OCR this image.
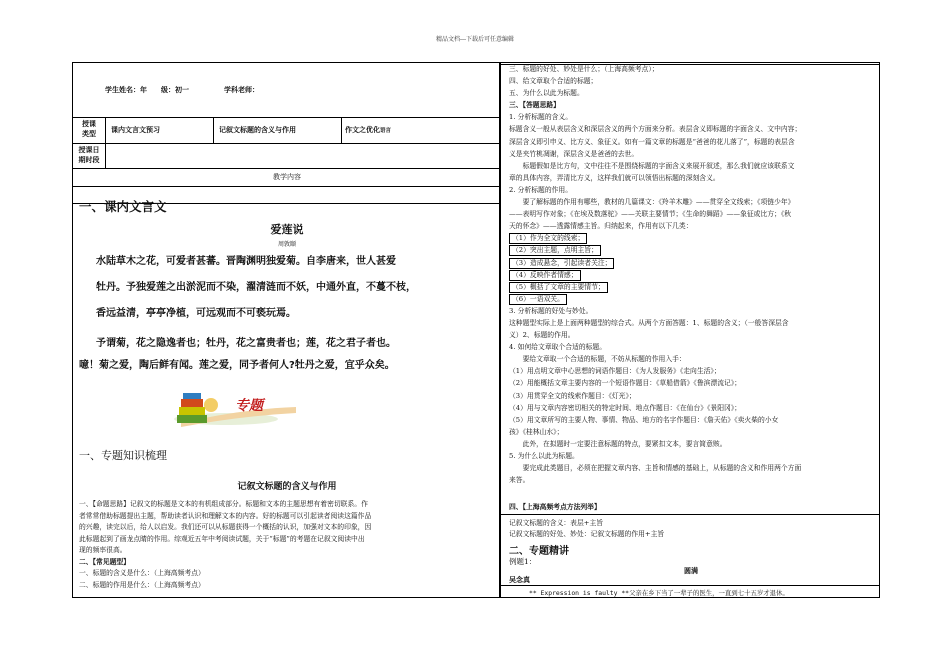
精品文档---下载后可任意编辑
学生姓名：年　　级：初一　　　　　学科老师：
授课
类型	课内文言文预习	记叙文标题的含义与作用	作文之优化语言
授课日
期时段
教学内容
一、课内文言文
爱莲说
周敦颐
水陆草木之花，可爱者甚蕃。晋陶渊明独爱菊。自李唐来，世人甚爱
牡丹。予独爱莲之出淤泥而不染，濯清涟而不妖，中通外直，不蔓不枝，
香远益清，亭亭净植，可远观而不可亵玩焉。
予谓菊，花之隐逸者也；牡丹，花之富贵者也；莲，花之君子者也。
噫！菊之爱，陶后鲜有闻。莲之爱，同予者何人?牡丹之爱，宜乎众矣。
专题
一、专题知识梳理
记叙文标题的含义与作用
一、【命题思路】记叙文的标题是文本的有机组成部分。标题和文本的主题思想有着密切联系。作
者常常借助标题提出主题，帮助读者认识和理解文本的内容。好的标题可以引起读者阅读这篇作品
的兴趣，读完以后，给人以启发。我们还可以从标题获得一个概括的认识，加强对文本的印象，因
此标题起到了画龙点睛的作用。综观近五年中考阅读试题，关于“标题”的考题在记叙文阅读中出
现的频率很高。
二、【常见题型】
一、标题的含义是什么：（上海高频考点）
二、标题的作用是什么：（上海高频考点）

三、标题的好处、妙处是什么；（上海高频考点）；

四、给文章取个合适的标题；

五、为什么以此为标题。

三、【答题思路】

1. 分析标题的含义。

标题含义一般从表层含义和深层含义的两个方面来分析。表层含义即标题的字面含义、文中内容；

深层含义即引申义、比方义、象征义。如有一篇文章的标题是“爸爸的花儿落了”，标题的表层含

义是夹竹桃凋谢，深层含义是爸爸的去世。

　　标题假如是比方句，文中往往不是围绕标题的字面含义来展开叙述，那么我们就应该联系文

章的具体内容，弄清比方义，这样我们就可以领悟出标题的深刻含义。

2. 分析标题的作用。

　　要了解标题的作用有哪些，教材的几篇课文：《羚羊木雕》——贯穿全文线索；《项链少年》

——表明写作对象；《在埃及数落驼》——关联主要情节；《生命的舞蹈》——象征或比方；《秋

天的怀念》——透露情感主旨。归纳起来，作用有以下几类：

（1）作为全文的线索；

（2）突出主题，点明主旨；

（3）造成悬念，引起读者关注；

（4）反映作者情感；

（5）概括了文章的主要情节；

（6）一语双关。

3. 分析标题的好处与妙处。

这种题型实际上是上面两种题型的综合式。从两个方面答题：1、标题的含义；（一般答深层含

义）2、标题的作用。

4. 如何给文章取个合适的标题。

　　要给文章取一个合适的标题，不妨从标题的作用入手：

（1）用点明文章中心思想的词语作题目：《为人发服务》《走向生活》；

（2）用能概括文章主要内容的一个短语作题目：《草船借箭》《鲁滨漂流记》；

（3）用贯穿全文的线索作题目：《灯光》；

（4）用与文章内容密切相关的特定时间、地点作题目：《在仙台》《景阳冈》；

（5）用文章所写的主要人物、事情、物品、地方的名字作题目：《詹天佑》《卖火柴的小女

孩》《桂林山水》；

　　此外，在拟题时一定要注意标题的特点，要紧扣文本，要言简意赅。

5. 为什么以此为标题。

　　要完成此类题目，必须在把握文章内容、主旨和情感的基础上，从标题的含义和作用两个方面

来答。

四、【上海高频考点方法列举】
记叙文标题的含义：表层+主旨
记叙文标题的好处、妙处：记叙文标题的作用+主旨
二、专题精讲
例题1：
圆满
吴念真
** Expression is faulty **父亲在乡下当了一辈子的医生，一直到七十五岁才退休。
